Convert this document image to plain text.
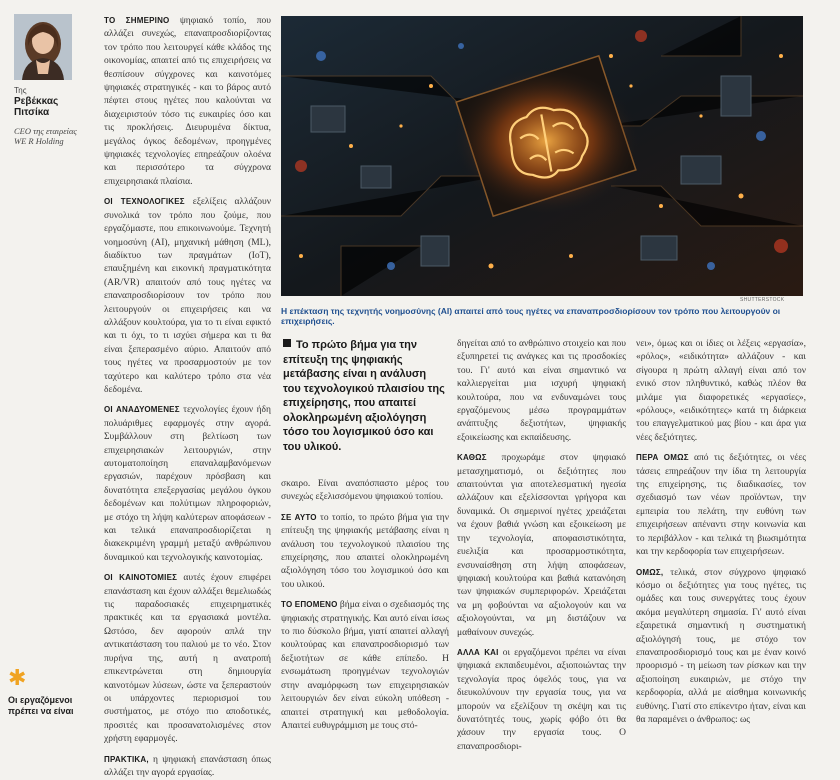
Της
Ρεβέκκας Πιτσίκα
CEO της εταιρείας WE R Holding
✱
Οι εργαζόμενοι πρέπει να είναι

ΤΟ ΣΗΜΕΡΙΝΟ ψηφιακό τοπίο, που αλλάζει συνεχώς, επαναπροσδιορίζοντας τον τρόπο που λειτουργεί κάθε κλάδος της οικονομίας, απαιτεί από τις επιχειρήσεις να θεσπίσουν σύγχρονες και καινοτόμες ψηφιακές στρατηγικές - και το βάρος αυτό πέφτει στους ηγέτες που καλούνται να διαχειριστούν τόσο τις ευκαιρίες όσο και τις προκλήσεις. Διευρυμένα δίκτυα, μεγάλος όγκος δεδομένων, προηγμένες ψηφιακές τεχνολογίες επηρεάζουν ολοένα και περισσότερο τα σύγχρονα επιχειρησιακά πλαίσια.

ΟΙ ΤΕΧΝΟΛΟΓΙΚΕΣ εξελίξεις αλλάζουν συνολικά τον τρόπο που ζούμε, που εργαζόμαστε, που επικοινωνούμε. Τεχνητή νοημοσύνη (AI), μηχανική μάθηση (ML), διαδίκτυο των πραγμάτων (IoT), επαυξημένη και εικονική πραγματικότητα (AR/VR) απαιτούν από τους ηγέτες να επαναπροσδιορίσουν τον τρόπο που λειτουργούν οι επιχειρήσεις και να αλλάξουν κουλτούρα, για το τι είναι εφικτό και τι όχι, το τι ισχύει σήμερα και τι θα είναι ξεπερασμένο αύριο. Απαιτούν από τους ηγέτες να προσαρμοστούν με τον ταχύτερο και καλύτερο τρόπο στα νέα δεδομένα.

ΟΙ ΑΝΑΔΥΟΜΕΝΕΣ τεχνολογίες έχουν ήδη πολυάριθμες εφαρμογές στην αγορά. Συμβάλλουν στη βελτίωση των επιχειρησιακών λειτουργιών, στην αυτοματοποίηση επαναλαμβανόμενων εργασιών, παρέχουν πρόσβαση και δυνατότητα επεξεργασίας μεγάλου όγκου δεδομένων και πολύτιμων πληροφοριών, με στόχο τη λήψη καλύτερων αποφάσεων - και τελικά επαναπροσδιορίζεται η διακεκριμένη γραμμή μεταξύ ανθρώπινου δυναμικού και τεχνολογικής καινοτομίας.

ΟΙ ΚΑΙΝΟΤΟΜΙΕΣ αυτές έχουν επιφέρει επανάσταση και έχουν αλλάξει θεμελιωδώς τις παραδοσιακές επιχειρηματικές πρακτικές και τα εργασιακά μοντέλα. Ωστόσο, δεν αφορούν απλά την αντικατάσταση του παλιού με το νέο. Στον πυρήνα της, αυτή η ανατροπή επικεντρώνεται στη δημιουργία καινοτόμων λύσεων, ώστε να ξεπεραστούν οι υπάρχοντες περιορισμοί του συστήματος, με στόχο πιο αποδοτικές, προσιτές και προσανατολισμένες στον χρήστη εφαρμογές.

ΠΡΑΚΤΙΚΑ, η ψηφιακή επανάσταση όπως αλλάζει την αγορά εργασίας.

SHUTTERSTOCK
Η επέκταση της τεχνητής νοημοσύνης (AI) απαιτεί από τους ηγέτες να επαναπροσδιορίσουν τον τρόπο που λειτουργούν οι επιχειρήσεις.
Το πρώτο βήμα για την επίτευξη της ψηφιακής μετάβασης είναι η ανάλυση του τεχνολογικού πλαισίου της επιχείρησης, που απαιτεί ολοκληρωμένη αξιολόγηση τόσο του λογισμικού όσο και του υλικού.

σκαιρο. Είναι αναπόσπαστο μέρος του συνεχώς εξελισσόμενου ψηφιακού τοπίου.

ΣΕ ΑΥΤΟ το τοπίο, το πρώτο βήμα για την επίτευξη της ψηφιακής μετάβασης είναι η ανάλυση του τεχνολογικού πλαισίου της επιχείρησης, που απαιτεί ολοκληρωμένη αξιολόγηση τόσο του λογισμικού όσο και του υλικού.

ΤΟ ΕΠΟΜΕΝΟ βήμα είναι ο σχεδιασμός της ψηφιακής στρατηγικής. Και αυτό είναι ίσως το πιο δύσκολο βήμα, γιατί απαιτεί αλλαγή κουλτούρας και επαναπροσδιορισμό των δεξιοτήτων σε κάθε επίπεδο. Η ενσωμάτωση προηγμένων τεχνολογιών στην αναμόρφωση των επιχειρησιακών λειτουργιών δεν είναι εύκολη υπόθεση - απαιτεί στρατηγική και μεθοδολογία. Απαιτεί ευθυγράμμιση με τους στό-

δηγείται από το ανθρώπινο στοιχείο και που εξυπηρετεί τις ανάγκες και τις προσδοκίες του. Γι' αυτό και είναι σημαντικό να καλλιεργείται μια ισχυρή ψηφιακή κουλτούρα, που να ενδυναμώνει τους εργαζόμενους μέσω προγραμμάτων ανάπτυξης δεξιοτήτων, ψηφιακής εξοικείωσης και εκπαίδευσης.

ΚΑΘΩΣ προχωράμε στον ψηφιακό μετασχηματισμό, οι δεξιότητες που απαιτούνται για αποτελεσματική ηγεσία αλλάζουν και εξελίσσονται γρήγορα και δυναμικά. Οι σημερινοί ηγέτες χρειάζεται να έχουν βαθιά γνώση και εξοικείωση με την τεχνολογία, αποφασιστικότητα, ευελιξία και προσαρμοστικότητα, ενσυναίσθηση στη λήψη αποφάσεων, ψηφιακή κουλτούρα και βαθιά κατανόηση των ψηφιακών συμπεριφορών. Χρειάζεται να μη φοβούνται να αξιολογούν και να αξιολογούνται, να μη διστάζουν να μαθαίνουν συνεχώς.

ΑΛΛΑ ΚΑΙ οι εργαζόμενοι πρέπει να είναι ψηφιακά εκπαιδευμένοι, αξιοποιώντας την τεχνολογία προς όφελός τους, για να διευκολύνουν την εργασία τους, για να μπορούν να εξελίξουν τη σκέψη και τις δυνατότητές τους, χωρίς φόβο ότι θα χάσουν την εργασία τους. Ο επαναπροσδιορι-

νει», όμως και οι ίδιες οι λέξεις «εργασία», «ρόλος», «ειδικότητα» αλλάζουν - και σίγουρα η πρώτη αλλαγή είναι από τον ενικό στον πληθυντικό, καθώς πλέον θα μιλάμε για διαφορετικές «εργασίες», «ρόλους», «ειδικότητες» κατά τη διάρκεια του επαγγελματικού μας βίου - και άρα για νέες δεξιότητες.

ΠΕΡΑ ΟΜΩΣ από τις δεξιότητες, οι νέες τάσεις επηρεάζουν την ίδια τη λειτουργία της επιχείρησης, τις διαδικασίες, τον σχεδιασμό των νέων προϊόντων, την εμπειρία του πελάτη, την ευθύνη των επιχειρήσεων απέναντι στην κοινωνία και το περιβάλλον - και τελικά τη βιωσιμότητα και την κερδοφορία των επιχειρήσεων.

ΟΜΩΣ, τελικά, στον σύγχρονο ψηφιακό κόσμο οι δεξιότητες για τους ηγέτες, τις ομάδες και τους συνεργάτες τους έχουν ακόμα μεγαλύτερη σημασία. Γι' αυτό είναι εξαιρετικά σημαντική η συστηματική αξιολόγησή τους, με στόχο τον επαναπροσδιορισμό τους και με έναν κοινό προορισμό - τη μείωση των ρίσκων και την αξιοποίηση ευκαιριών, με στόχο την κερδοφορία, αλλά με αίσθημα κοινωνικής ευθύνης. Γιατί στο επίκεντρο ήταν, είναι και θα παραμένει ο άνθρωπος: ως
